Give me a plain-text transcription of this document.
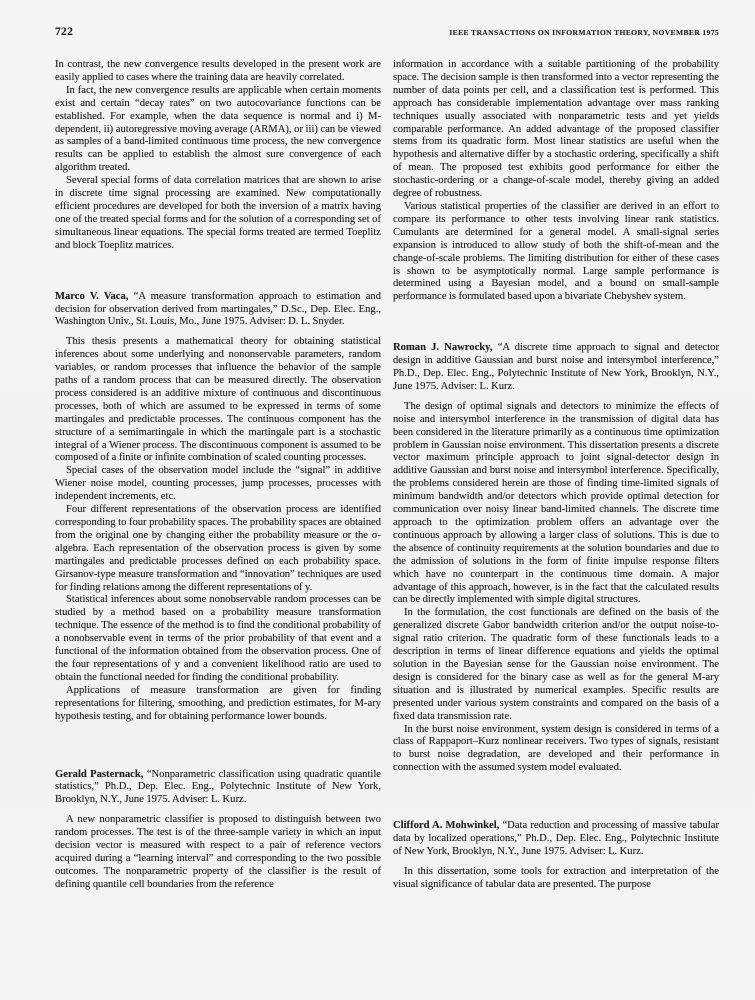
722	IEEE TRANSACTIONS ON INFORMATION THEORY, NOVEMBER 1975

In contrast, the new convergence results developed in the present work are easily applied to cases where the training data are heavily correlated.

In fact, the new convergence results are applicable when certain moments exist and certain “decay rates” on two autocovariance functions can be established. For example, when the data sequence is normal and i) M-dependent, ii) autoregressive moving average (ARMA), or iii) can be viewed as samples of a band-limited continuous time process, the new convergence results can be applied to establish the almost sure convergence of each algorithm treated.

Several special forms of data correlation matrices that are shown to arise in discrete time signal processing are examined. New computationally efficient procedures are developed for both the inversion of a matrix having one of the treated special forms and for the solution of a corresponding set of simultaneous linear equations. The special forms treated are termed Toeplitz and block Toeplitz matrices.

Marco V. Vaca, “A measure transformation approach to estimation and decision for observation derived from martingales,” D.Sc., Dep. Elec. Eng., Washington Univ., St. Louis, Mo., June 1975. Adviser: D. L. Snyder.

This thesis presents a mathematical theory for obtaining statistical inferences about some underlying and nononservable parameters, random variables, or random processes that influence the behavior of the sample paths of a random process that can be measured directly. The observation process considered is an additive mixture of continuous and discontinuous processes, both of which are assumed to be expressed in terms of some martingales and predictable processes. The continuous component has the structure of a semimartingale in which the martingale part is a stochastic integral of a Wiener process. The discontinuous component is assumed to be composed of a finite or infinite combination of scaled counting processes.

Special cases of the observation model include the “signal” in additive Wiener noise model, counting processes, jump processes, processes with independent increments, etc.

Four different representations of the observation process are identified corresponding to four probability spaces. The probability spaces are obtained from the original one by changing either the probability measure or the σ-algebra. Each representation of the observation process is given by some martingales and predictable processes defined on each probability space. Girsanov-type measure transformation and “innovation” techniques are used for finding relations among the different representations of y.

Statistical inferences about some nonobservable random processes can be studied by a method based on a probability measure transformation technique. The essence of the method is to find the conditional probability of a nonobservable event in terms of the prior probability of that event and a functional of the information obtained from the observation process. One of the four representations of y and a convenient likelihood ratio are used to obtain the functional needed for finding the conditional probability.

Applications of measure transformation are given for finding representations for filtering, smoothing, and prediction estimates, for M-ary hypothesis testing, and for obtaining performance lower bounds.

Gerald Pasternack, “Nonparametric classification using quadratic quantile statistics,” Ph.D., Dep. Elec. Eng., Polytechnic Institute of New York, Brooklyn, N.Y., June 1975. Adviser: L. Kurz.

A new nonparametric classifier is proposed to distinguish between two random processes. The test is of the three-sample variety in which an input decision vector is measured with respect to a pair of reference vectors acquired during a “learning interval” and corresponding to the two possible outcomes. The nonparametric property of the classifier is the result of defining quantile cell boundaries from the reference

information in accordance with a suitable partitioning of the probability space. The decision sample is then transformed into a vector representing the number of data points per cell, and a classification test is performed. This approach has considerable implementation advantage over mass ranking techniques usually associated with nonparametric tests and yet yields comparable performance. An added advantage of the proposed classifier stems from its quadratic form. Most linear statistics are useful when the hypothesis and alternative differ by a stochastic ordering, specifically a shift of mean. The proposed test exhibits good performance for either the stochastic-ordering or a change-of-scale model, thereby giving an added degree of robustness.

Various statistical properties of the classifier are derived in an effort to compare its performance to other tests involving linear rank statistics. Cumulants are determined for a general model. A small-signal series expansion is introduced to allow study of both the shift-of-mean and the change-of-scale problems. The limiting distribution for either of these cases is shown to be asymptotically normal. Large sample performance is determined using a Bayesian model, and a bound on small-sample performance is formulated based upon a bivariate Chebyshev system.

Roman J. Nawrocky, “A discrete time approach to signal and detector design in additive Gaussian and burst noise and intersymbol interference,” Ph.D., Dep. Elec. Eng., Polytechnic Institute of New York, Brooklyn, N.Y., June 1975. Adviser: L. Kurz.

The design of optimal signals and detectors to minimize the effects of noise and intersymbol interference in the transmission of digital data has been considered in the literature primarily as a continuous time optimization problem in Gaussian noise environment. This dissertation presents a discrete vector maximum principle approach to joint signal-detector design in additive Gaussian and burst noise and intersymbol interference. Specifically, the problems considered herein are those of finding time-limited signals of minimum bandwidth and/or detectors which provide optimal detection for communication over noisy linear band-limited channels. The discrete time approach to the optimization problem offers an advantage over the continuous approach by allowing a larger class of solutions. This is due to the absence of continuity requirements at the solution boundaries and due to the admission of solutions in the form of finite impulse response filters which have no counterpart in the continuous time domain. A major advantage of this approach, however, is in the fact that the calculated results can be directly implemented with simple digital structures.

In the formulation, the cost functionals are defined on the basis of the generalized discrete Gabor bandwidth criterion and/or the output noise-to-signal ratio criterion. The quadratic form of these functionals leads to a description in terms of linear difference equations and yields the optimal solution in the Bayesian sense for the Gaussian noise environment. The design is considered for the binary case as well as for the general M-ary situation and is illustrated by numerical examples. Specific results are presented under various system constraints and compared on the basis of a fixed data transmission rate.

In the burst noise environment, system design is considered in terms of a class of Rappaport–Kurz nonlinear receivers. Two types of signals, resistant to burst noise degradation, are developed and their performance in connection with the assumed system model evaluated.

Clifford A. Mohwinkel, “Data reduction and processing of massive tabular data by localized operations,” Ph.D., Dep. Elec. Eng., Polytechnic Institute of New York, Brooklyn, N.Y., June 1975. Adviser: L. Kurz.

In this dissertation, some tools for extraction and interpretation of the visual significance of tabular data are presented. The purpose
